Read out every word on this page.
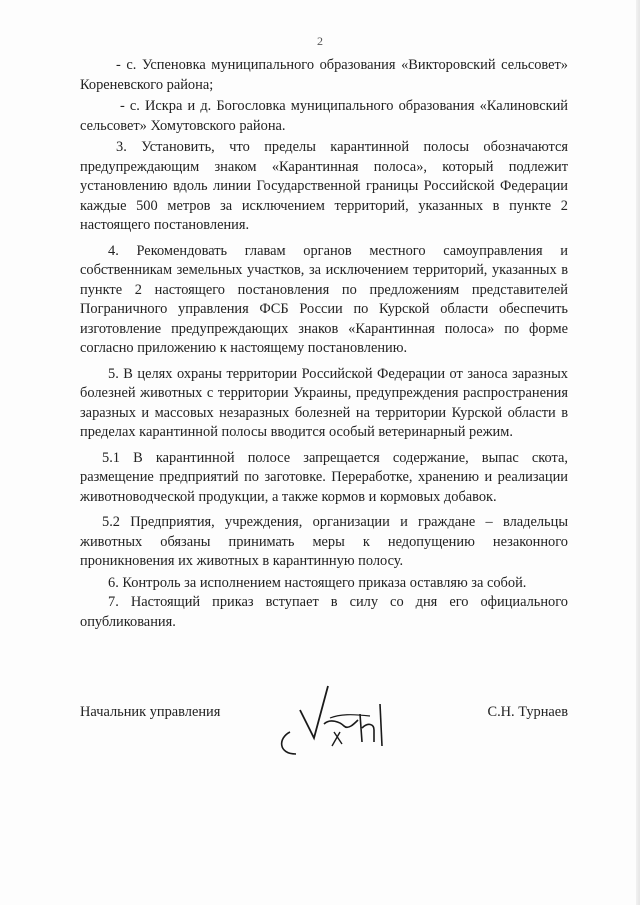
2

- с. Успеновка муниципального образования «Викторовский сельсовет» Кореневского района;

- с. Искра и д. Богословка муниципального образования «Калиновский сельсовет» Хомутовского района.

3. Установить, что пределы карантинной полосы обозначаются предупреждающим знаком «Карантинная полоса», который подлежит установлению вдоль линии Государственной границы Российской Федерации каждые 500 метров за исключением территорий, указанных в пункте 2 настоящего постановления.

4. Рекомендовать главам органов местного самоуправления и собственникам земельных участков, за исключением территорий, указанных в пункте 2 настоящего постановления по предложениям представителей Пограничного управления ФСБ России по Курской области обеспечить изготовление предупреждающих знаков «Карантинная полоса» по форме согласно приложению к настоящему постановлению.

5. В целях охраны территории Российской Федерации от заноса заразных болезней животных с территории Украины, предупреждения распространения заразных и массовых незаразных болезней на территории Курской области в пределах карантинной полосы вводится особый ветеринарный режим.

5.1 В карантинной полосе запрещается содержание, выпас скота, размещение предприятий по заготовке. Переработке, хранению и реализации животноводческой продукции, а также кормов и кормовых добавок.

5.2 Предприятия, учреждения, организации и граждане – владельцы животных обязаны принимать меры к недопущению незаконного проникновения их животных в карантинную полосу.

6. Контроль за исполнением настоящего приказа оставляю за собой.

7. Настоящий приказ вступает в силу со дня его официального опубликования.

Начальник управления	С.Н. Турнаев
